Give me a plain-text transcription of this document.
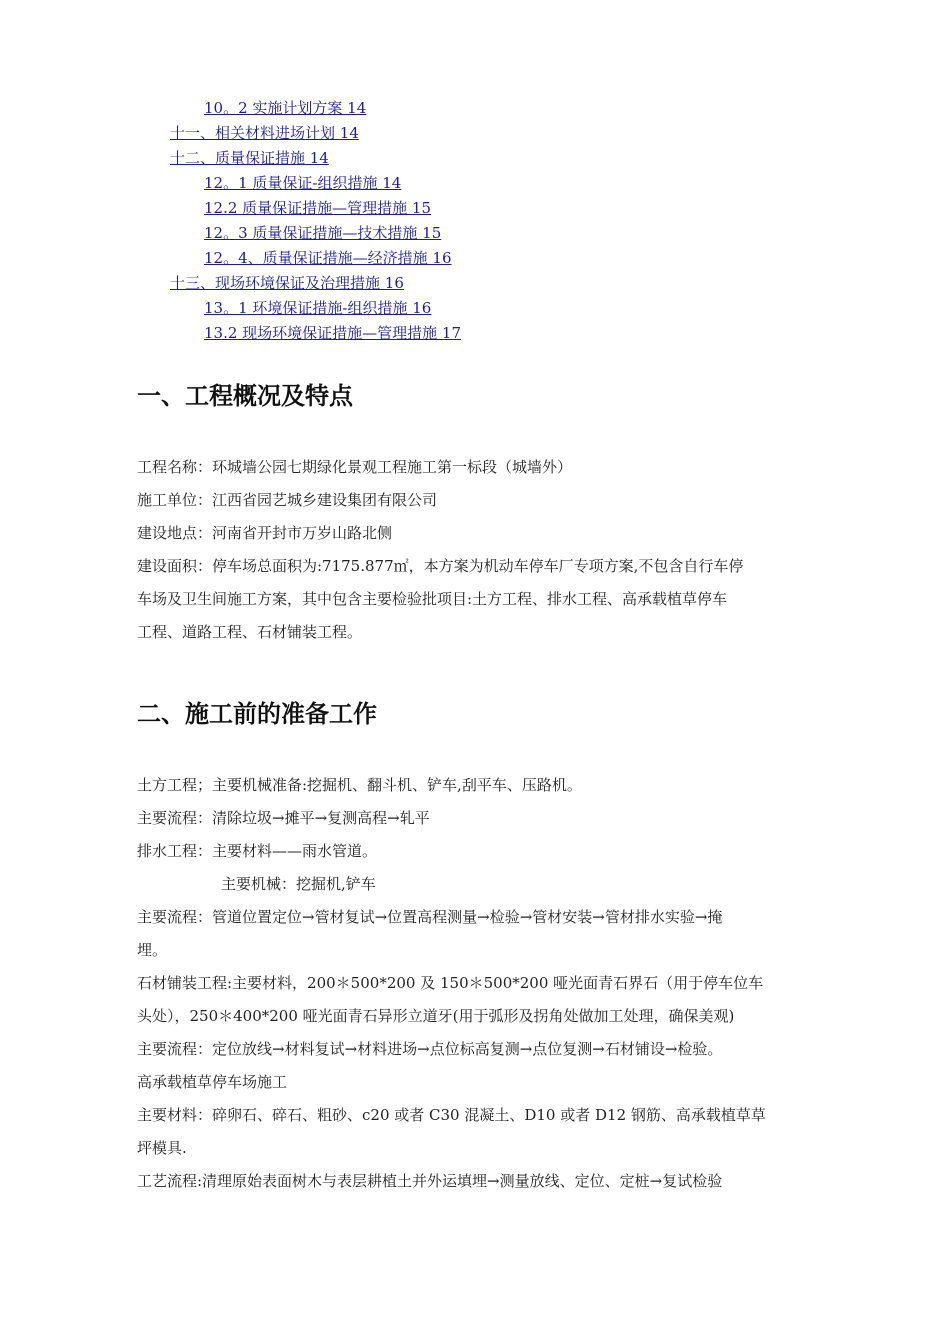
10。2 实施计划方案 14
十一、相关材料进场计划 14
十二、质量保证措施 14
12。1 质量保证-组织措施 14
12.2 质量保证措施—管理措施 15
12。3 质量保证措施—技术措施 15
12。4、质量保证措施—经济措施 16
十三、现场环境保证及治理措施 16
13。1 环境保证措施-组织措施 16
13.2 现场环境保证措施—管理措施 17
一、工程概况及特点

工程名称：环城墙公园七期绿化景观工程施工第一标段（城墙外）

施工单位：江西省园艺城乡建设集团有限公司

建设地点：河南省开封市万岁山路北侧

建设面积：停车场总面积为:7175.877㎡，本方案为机动车停车厂专项方案,不包含自行车停

车场及卫生间施工方案，其中包含主要检验批项目:土方工程、排水工程、高承载植草停车

工程、道路工程、石材铺装工程。

二、施工前的准备工作

土方工程；主要机械准备:挖掘机、翻斗机、铲车,刮平车、压路机。

主要流程：清除垃圾→摊平→复测高程→轧平

排水工程：主要材料——雨水管道。

主要机械：挖掘机,铲车

主要流程：管道位置定位→管材复试→位置高程测量→检验→管材安装→管材排水实验→掩

埋。

石材铺装工程:主要材料，200＊500*200 及 150＊500*200 哑光面青石界石（用于停车位车

头处），250＊400*200 哑光面青石异形立道牙(用于弧形及拐角处做加工处理，确保美观)

主要流程：定位放线→材料复试→材料进场→点位标高复测→点位复测→石材铺设→检验。

高承载植草停车场施工

主要材料：碎卵石、碎石、粗砂、c20 或者 C30 混凝土、D10 或者 D12 钢筋、高承载植草草

坪模具.

工艺流程:清理原始表面树木与表层耕植土并外运填埋→测量放线、定位、定桩→复试检验
